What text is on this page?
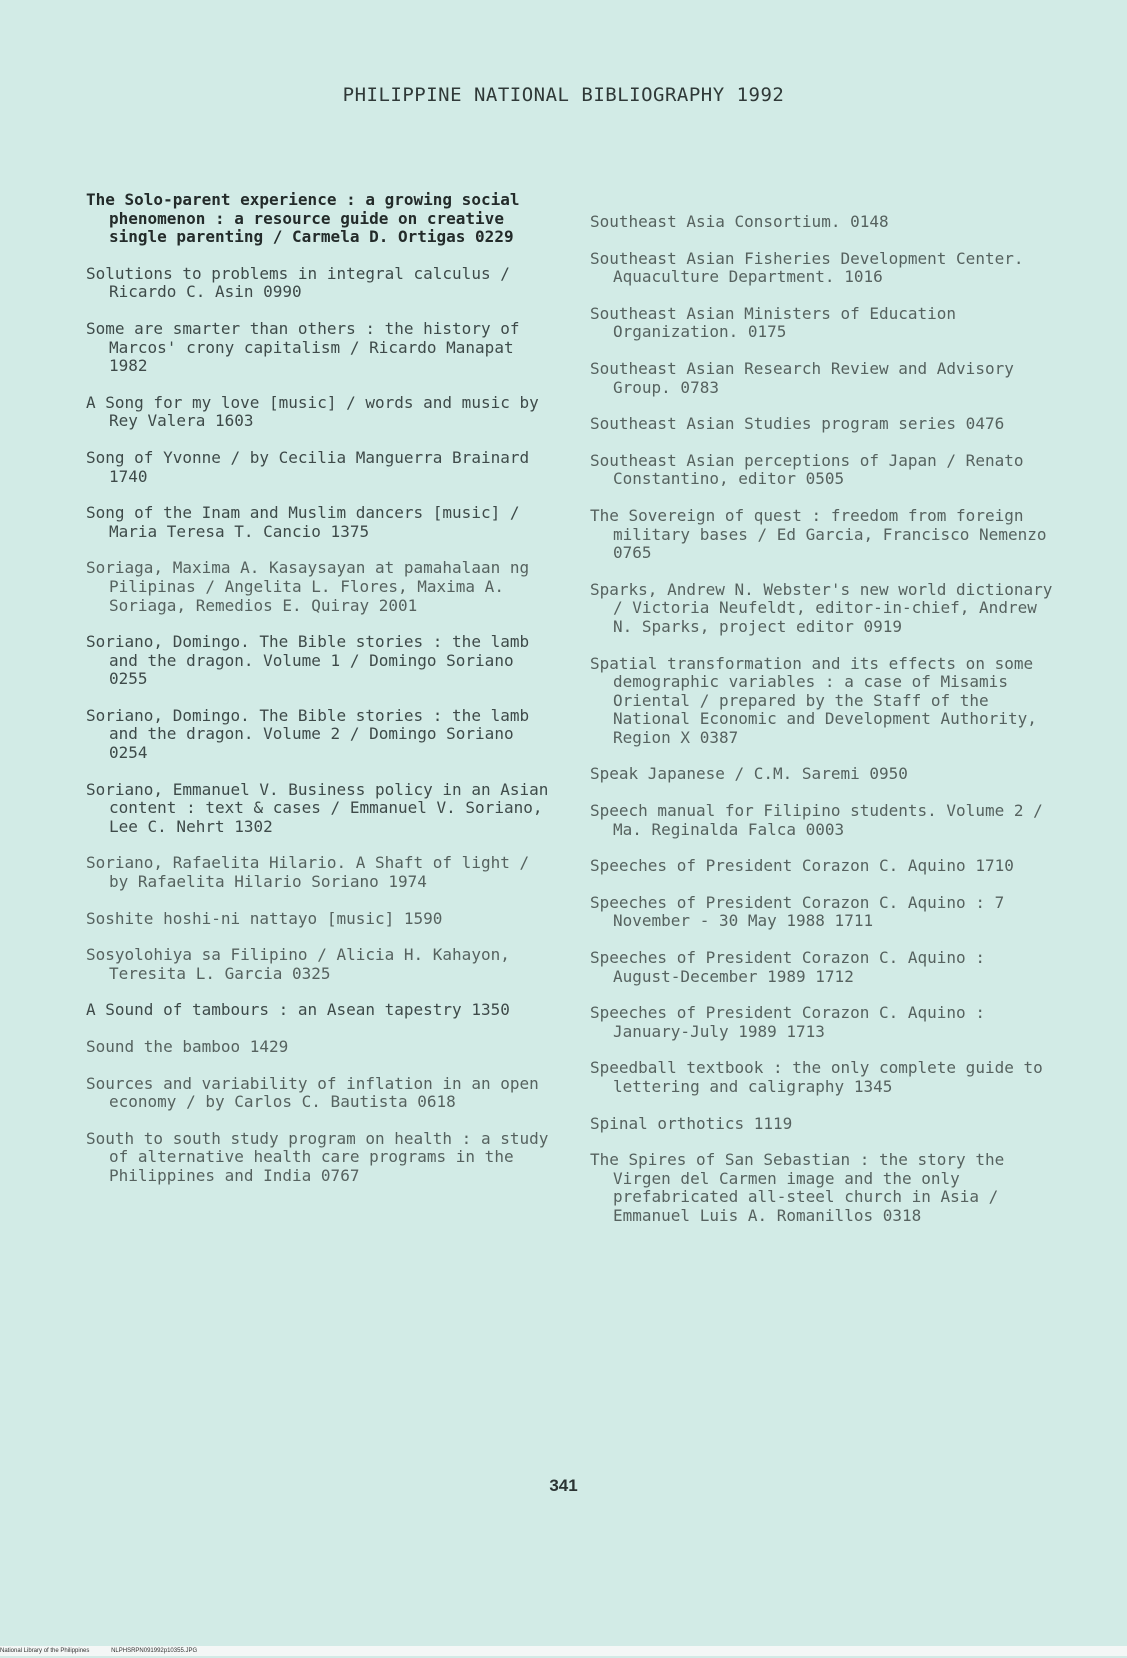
PHILIPPINE NATIONAL BIBLIOGRAPHY 1992

The Solo-parent experience : a growing social phenomenon : a resource guide on creative single parenting / Carmela D. Ortigas 0229

Solutions to problems in integral calculus / Ricardo C. Asin 0990

Some are smarter than others : the history of Marcos' crony capitalism / Ricardo Manapat 1982

A Song for my love [music] / words and music by Rey Valera 1603

Song of Yvonne / by Cecilia Manguerra Brainard 1740

Song of the Inam and Muslim dancers [music] / Maria Teresa T. Cancio 1375

Soriaga, Maxima A. Kasaysayan at pamahalaan ng Pilipinas / Angelita L. Flores, Maxima A. Soriaga, Remedios E. Quiray 2001

Soriano, Domingo. The Bible stories : the lamb and the dragon. Volume 1 / Domingo Soriano 0255

Soriano, Domingo. The Bible stories : the lamb and the dragon. Volume 2 / Domingo Soriano 0254

Soriano, Emmanuel V. Business policy in an Asian content : text & cases / Emmanuel V. Soriano, Lee C. Nehrt 1302

Soriano, Rafaelita Hilario. A Shaft of light / by Rafaelita Hilario Soriano 1974

Soshite hoshi-ni nattayo [music] 1590

Sosyolohiya sa Filipino / Alicia H. Kahayon, Teresita L. Garcia 0325

A Sound of tambours : an Asean tapestry 1350

Sound the bamboo 1429

Sources and variability of inflation in an open economy / by Carlos C. Bautista 0618

South to south study program on health : a study of alternative health care programs in the Philippines and India 0767

Southeast Asia Consortium. 0148

Southeast Asian Fisheries Development Center. Aquaculture Department. 1016

Southeast Asian Ministers of Education Organization. 0175

Southeast Asian Research Review and Advisory Group. 0783

Southeast Asian Studies program series 0476

Southeast Asian perceptions of Japan / Renato Constantino, editor 0505

The Sovereign of quest : freedom from foreign military bases / Ed Garcia, Francisco Nemenzo 0765

Sparks, Andrew N. Webster's new world dictionary / Victoria Neufeldt, editor-in-chief, Andrew N. Sparks, project editor 0919

Spatial transformation and its effects on some demographic variables : a case of Misamis Oriental / prepared by the Staff of the National Economic and Development Authority, Region X 0387

Speak Japanese / C.M. Saremi 0950

Speech manual for Filipino students. Volume 2 / Ma. Reginalda Falca 0003

Speeches of President Corazon C. Aquino 1710

Speeches of President Corazon C. Aquino : 7 November - 30 May 1988 1711

Speeches of President Corazon C. Aquino : August-December 1989 1712

Speeches of President Corazon C. Aquino : January-July 1989 1713

Speedball textbook : the only complete guide to lettering and caligraphy 1345

Spinal orthotics 1119

The Spires of San Sebastian : the story the Virgen del Carmen image and the only prefabricated all-steel church in Asia / Emmanuel Luis A. Romanillos 0318

341
National Library of the Philippines	NLPHSRPN091992p10355.JPG
